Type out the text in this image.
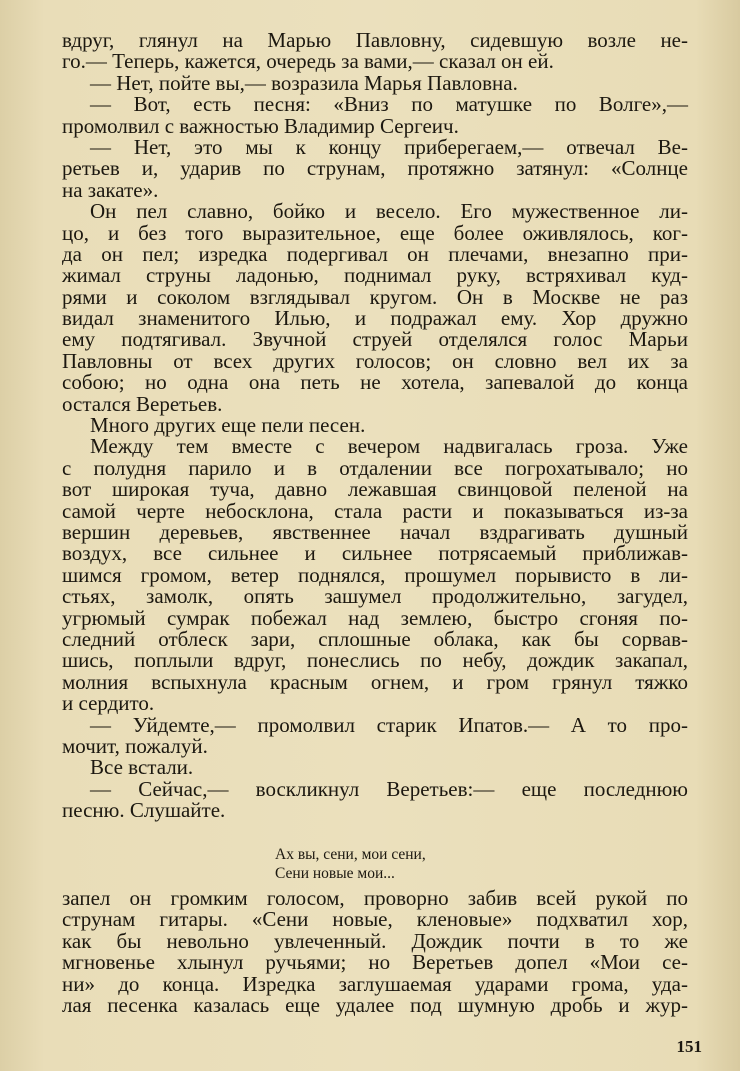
вдруг, глянул на Марью Павловну, сидевшую возле не-
го.— Теперь, кажется, очередь за вами,— сказал он ей.
— Нет, пойте вы,— возразила Марья Павловна.
— Вот, есть песня: «Вниз по матушке по Волге»,—
промолвил с важностью Владимир Сергеич.
— Нет, это мы к концу приберегаем,— отвечал Ве-
ретьев и, ударив по струнам, протяжно затянул: «Солнце
на закате».
Он пел славно, бойко и весело. Его мужественное ли-
цо, и без того выразительное, еще более оживлялось, ког-
да он пел; изредка подергивал он плечами, внезапно при-
жимал струны ладонью, поднимал руку, встряхивал куд-
рями и соколом взглядывал кругом. Он в Москве не раз
видал знаменитого Илью, и подражал ему. Хор дружно
ему подтягивал. Звучной струей отделялся голос Марьи
Павловны от всех других голосов; он словно вел их за
собою; но одна она петь не хотела, запевалой до конца
остался Веретьев.
Много других еще пели песен.
Между тем вместе с вечером надвигалась гроза. Уже
с полудня парило и в отдалении все погрохатывало; но
вот широкая туча, давно лежавшая свинцовой пеленой на
самой черте небосклона, стала расти и показываться из-за
вершин деревьев, явственнее начал вздрагивать душный
воздух, все сильнее и сильнее потрясаемый приближав-
шимся громом, ветер поднялся, прошумел порывисто в ли-
стьях, замолк, опять зашумел продолжительно, загудел,
угрюмый сумрак побежал над землею, быстро сгоняя по-
следний отблеск зари, сплошные облака, как бы сорвав-
шись, поплыли вдруг, понеслись по небу, дождик закапал,
молния вспыхнула красным огнем, и гром грянул тяжко
и сердито.
— Уйдемте,— промолвил старик Ипатов.— А то про-
мочит, пожалуй.
Все встали.
— Сейчас,— воскликнул Веретьев:— еще последнюю
песню. Слушайте.
Ах вы, сени, мои сени,
Сени новые мои...
запел он громким голосом, проворно забив всей рукой по
струнам гитары. «Сени новые, кленовые» подхватил хор,
как бы невольно увлеченный. Дождик почти в то же
мгновенье хлынул ручьями; но Веретьев допел «Мои се-
ни» до конца. Изредка заглушаемая ударами грома, уда-
лая песенка казалась еще удалее под шумную дробь и жур-
151
